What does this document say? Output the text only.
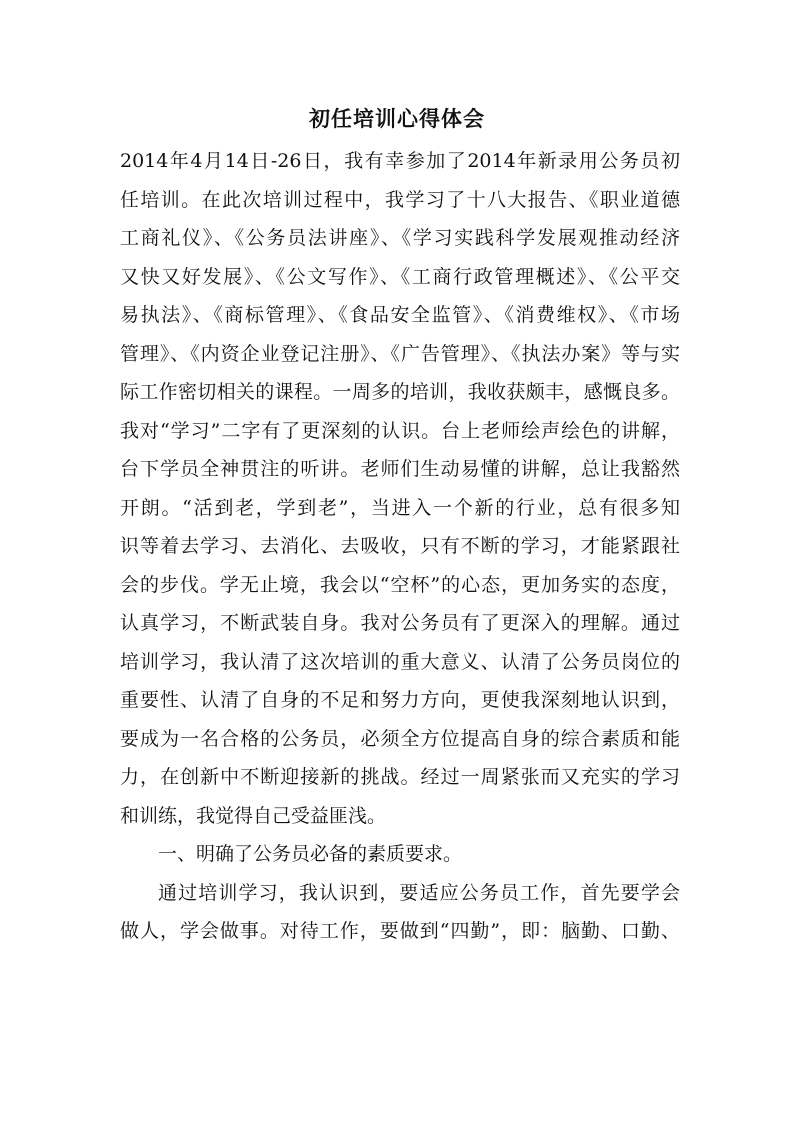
初任培训心得体会
2014年4月14日-26日，我有幸参加了2014年新录用公务员初
任培训。在此次培训过程中，我学习了十八大报告、《职业道德
工商礼仪》、《公务员法讲座》、《学习实践科学发展观推动经济
又快又好发展》、《公文写作》、《工商行政管理概述》、《公平交
易执法》、《商标管理》、《食品安全监管》、《消费维权》、《市场
管理》、《内资企业登记注册》、《广告管理》、《执法办案》等与实
际工作密切相关的课程。一周多的培训，我收获颇丰，感慨良多。
我对“学习”二字有了更深刻的认识。台上老师绘声绘色的讲解，
台下学员全神贯注的听讲。老师们生动易懂的讲解，总让我豁然
开朗。“活到老，学到老”，当进入一个新的行业，总有很多知
识等着去学习、去消化、去吸收，只有不断的学习，才能紧跟社
会的步伐。学无止境，我会以“空杯”的心态，更加务实的态度，
认真学习，不断武装自身。我对公务员有了更深入的理解。通过
培训学习，我认清了这次培训的重大意义、认清了公务员岗位的
重要性、认清了自身的不足和努力方向，更使我深刻地认识到，
要成为一名合格的公务员，必须全方位提高自身的综合素质和能
力，在创新中不断迎接新的挑战。经过一周紧张而又充实的学习
和训练，我觉得自己受益匪浅。
一、明确了公务员必备的素质要求。
通过培训学习，我认识到，要适应公务员工作，首先要学会
做人，学会做事。对待工作，要做到“四勤”，即：脑勤、口勤、
